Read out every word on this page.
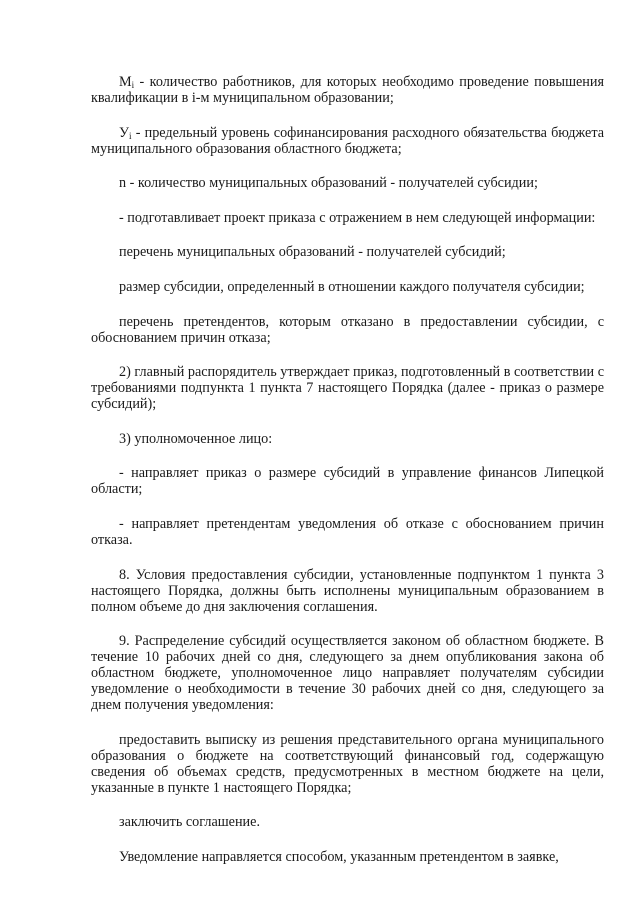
$M_i$ - количество работников, для которых необходимо проведение повышения квалификации в i-м муниципальном образовании;

$У_i$ - предельный уровень софинансирования расходного обязательства бюджета муниципального образования областного бюджета;

n - количество муниципальных образований - получателей субсидии;

- подготавливает проект приказа с отражением в нем следующей информации:

перечень муниципальных образований - получателей субсидий;

размер субсидии, определенный в отношении каждого получателя субсидии;

перечень претендентов, которым отказано в предоставлении субсидии, с обоснованием причин отказа;

2) главный распорядитель утверждает приказ, подготовленный в соответствии с требованиями подпункта 1 пункта 7 настоящего Порядка (далее - приказ о размере субсидий);

3) уполномоченное лицо:

- направляет приказ о размере субсидий в управление финансов Липецкой области;

- направляет претендентам уведомления об отказе с обоснованием причин отказа.

8. Условия предоставления субсидии, установленные подпунктом 1 пункта 3 настоящего Порядка, должны быть исполнены муниципальным образованием в полном объеме до дня заключения соглашения.

9. Распределение субсидий осуществляется законом об областном бюджете. В течение 10 рабочих дней со дня, следующего за днем опубликования закона об областном бюджете, уполномоченное лицо направляет получателям субсидии уведомление о необходимости в течение 30 рабочих дней со дня, следующего за днем получения уведомления:

предоставить выписку из решения представительного органа муниципального образования о бюджете на соответствующий финансовый год, содержащую сведения об объемах средств, предусмотренных в местном бюджете на цели, указанные в пункте 1 настоящего Порядка;

заключить соглашение.

Уведомление направляется способом, указанным претендентом в заявке,
